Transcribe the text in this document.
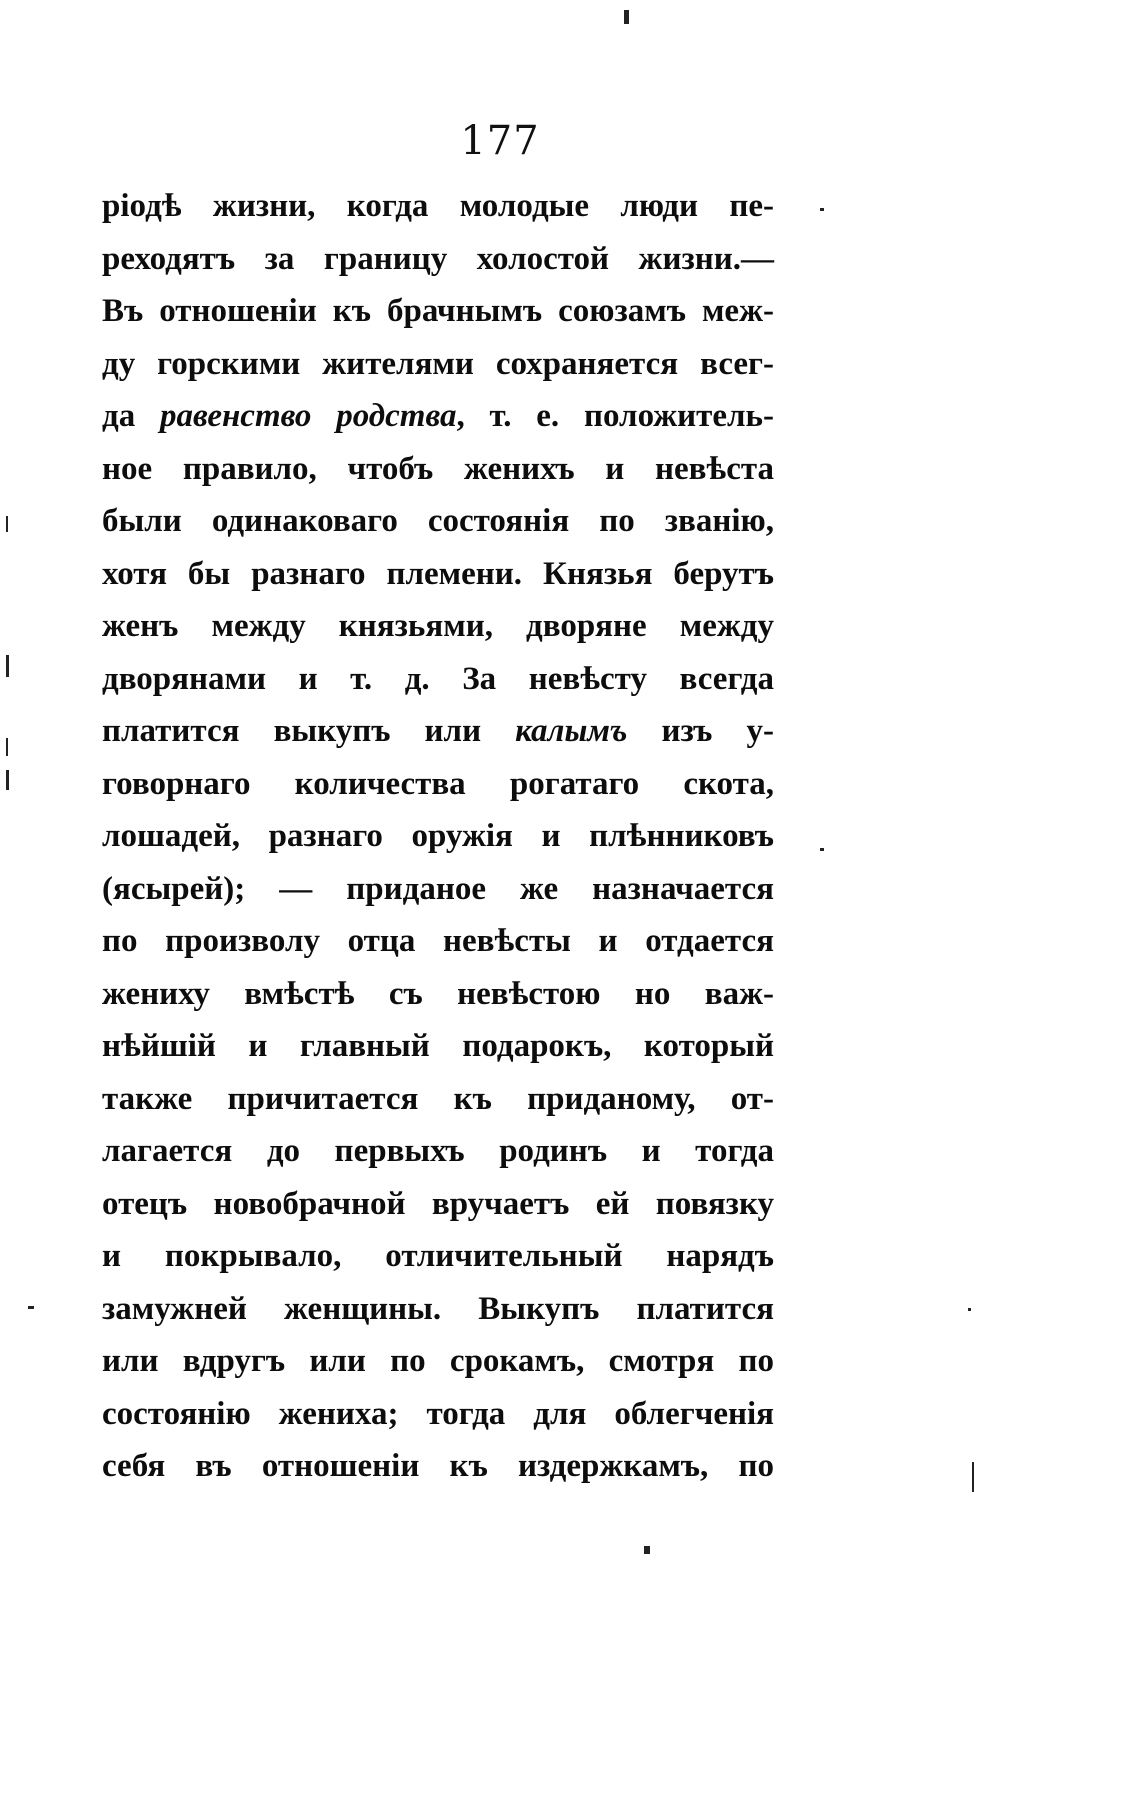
177
ріодѣ жизни, когда молодые люди пе-
реходятъ за границу холостой жизни.—
Въ отношеніи къ брачнымъ союзамъ меж-
ду горскими жителями сохраняется всег-
да равенство родства, т. е. положитель-
ное правило, чтобъ женихъ и невѣста
были одинаковаго состоянія по званію,
хотя бы разнаго племени. Князья берутъ
женъ между князьями, дворяне между
дворянами и т. д. За невѣсту всегда
платится выкупъ или калымъ изъ у-
говорнаго количества рогатаго скота,
лошадей, разнаго оружія и плѣнниковъ
(ясырей); — приданое же назначается
по произволу отца невѣсты и отдается
жениху вмѣстѣ съ невѣстою но важ-
нѣйшій и главный подарокъ, который
также причитается къ приданому, от-
лагается до первыхъ родинъ и тогда
отецъ новобрачной вручаетъ ей повязку
и покрывало, отличительный нарядъ
замужней женщины. Выкупъ платится
или вдругъ или по срокамъ, смотря по
состоянію жениха; тогда для облегченія
себя въ отношеніи къ издержкамъ, по
